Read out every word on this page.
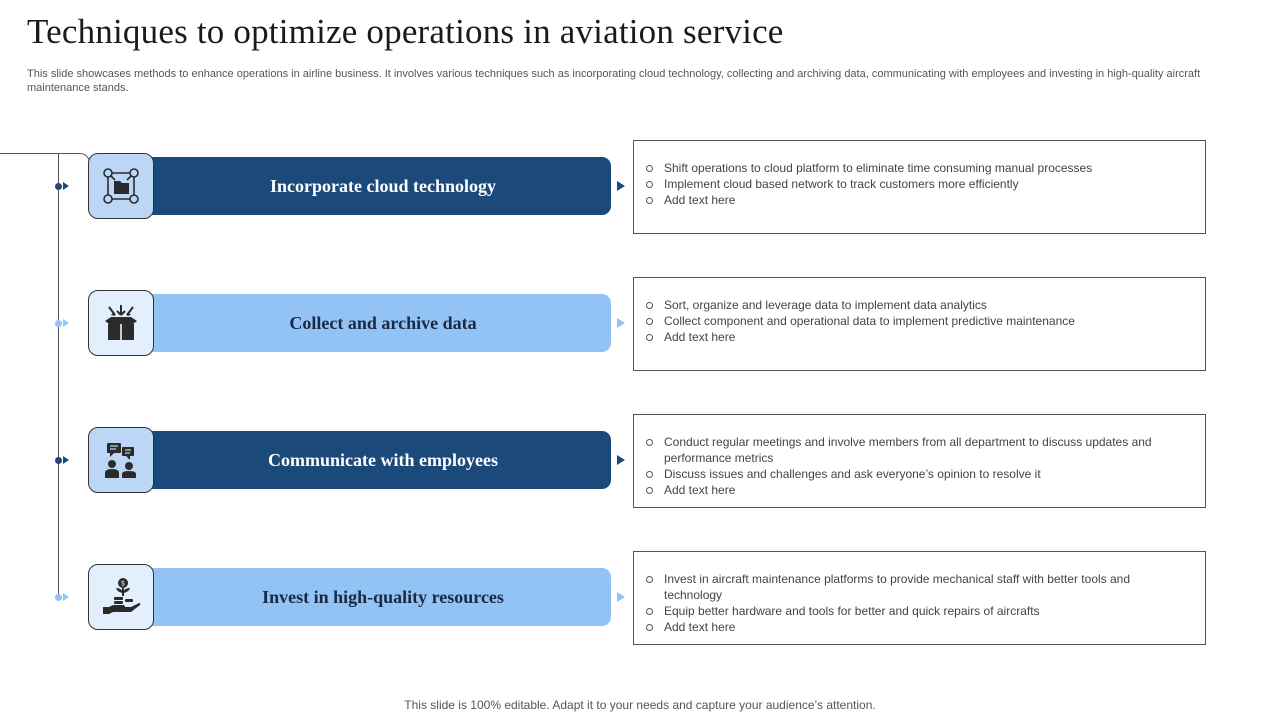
Techniques to optimize operations in aviation service
This slide showcases methods to enhance operations in airline business. It involves various techniques such as incorporating cloud technology, collecting and archiving data, communicating with employees and investing in high-quality aircraft maintenance stands.
Incorporate cloud technology
Shift operations to cloud platform to eliminate time consuming manual processes
Implement cloud based network to track customers more efficiently
Add text here
Collect and archive data
Sort, organize and leverage data to implement data analytics
Collect component and operational data to implement predictive maintenance
Add text here
Communicate with employees
Conduct regular meetings and involve members from all department to discuss updates and performance metrics
Discuss issues and challenges and ask everyone’s opinion to resolve it
Add text here
Invest in high-quality resources
$	Invest in aircraft maintenance platforms to provide mechanical staff with better tools and technology
Equip better hardware and tools for better and quick repairs of aircrafts
Add text here
This slide is 100% editable. Adapt it to your needs and capture your audience’s attention.
